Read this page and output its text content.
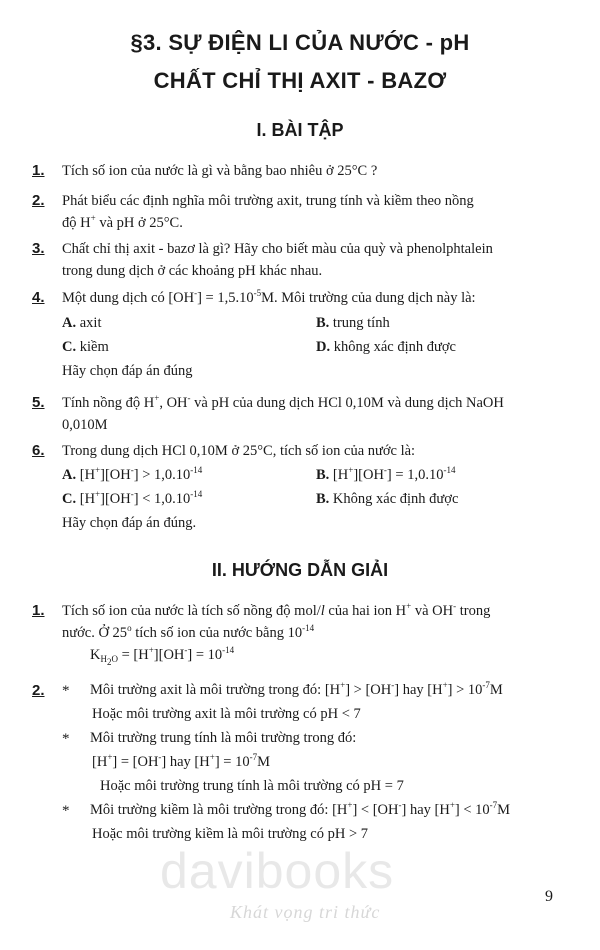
§3. SỰ ĐIỆN LI CỦA NƯỚC - pH
CHẤT CHỈ THỊ AXIT - BAZƠ
I. BÀI TẬP
1. Tích số ion của nước là gì và bằng bao nhiêu ở 25°C ?
2. Phát biểu các định nghĩa môi trường axit, trung tính và kiềm theo nồng
độ H+ và pH ở 25°C.
3. Chất chỉ thị axit - bazơ là gì? Hãy cho biết màu của quỳ và phenolphtalein
trong dung dịch ở các khoảng pH khác nhau.
4. Một dung dịch có $[OH^-] = 1,5.10^{-5}M$. Môi trường của dung dịch này là:
A. axit	B. trung tính
C. kiềm	D. không xác định được
Hãy chọn đáp án đúng
5. Tính nồng độ H+, OH- và pH của dung dịch HCl 0,10M và dung dịch NaOH
0,010M
6. Trong dung dịch HCl 0,10M ở 25°C, tích số ion của nước là:
A. $[H^+][OH^-] > 1,0.10^{-14}$	B. $[H^+][OH^-] = 1,0.10^{-14}$
C. $[H^+][OH^-] < 1,0.10^{-14}$	B. Không xác định được
Hãy chọn đáp án đúng.
II. HƯỚNG DẪN GIẢI
1. Tích số ion của nước là tích số nồng độ mol/l của hai ion H+ và OH- trong
nước. Ở 25$^o$ tích số ion của nước bằng $10^{-14}$
$K_{H_2O} = [H^+][OH^-] = 10^{-14}$
2. * Môi trường axit là môi trường trong đó: [H+] > [OH-] hay $[H^+] > 10^{-7}M$
Hoặc môi trường axit là môi trường có pH < 7
* Môi trường trung tính là môi trường trong đó:
[H+] = [OH-] hay $[H^+] = 10^{-7}M$
Hoặc môi trường trung tính là môi trường có pH = 7
* Môi trường kiềm là môi trường trong đó: [H+] < [OH-] hay $[H^+] < 10^{-7}M$
Hoặc môi trường kiềm là môi trường có pH > 7
davibooks
Khát vọng tri thức
9
